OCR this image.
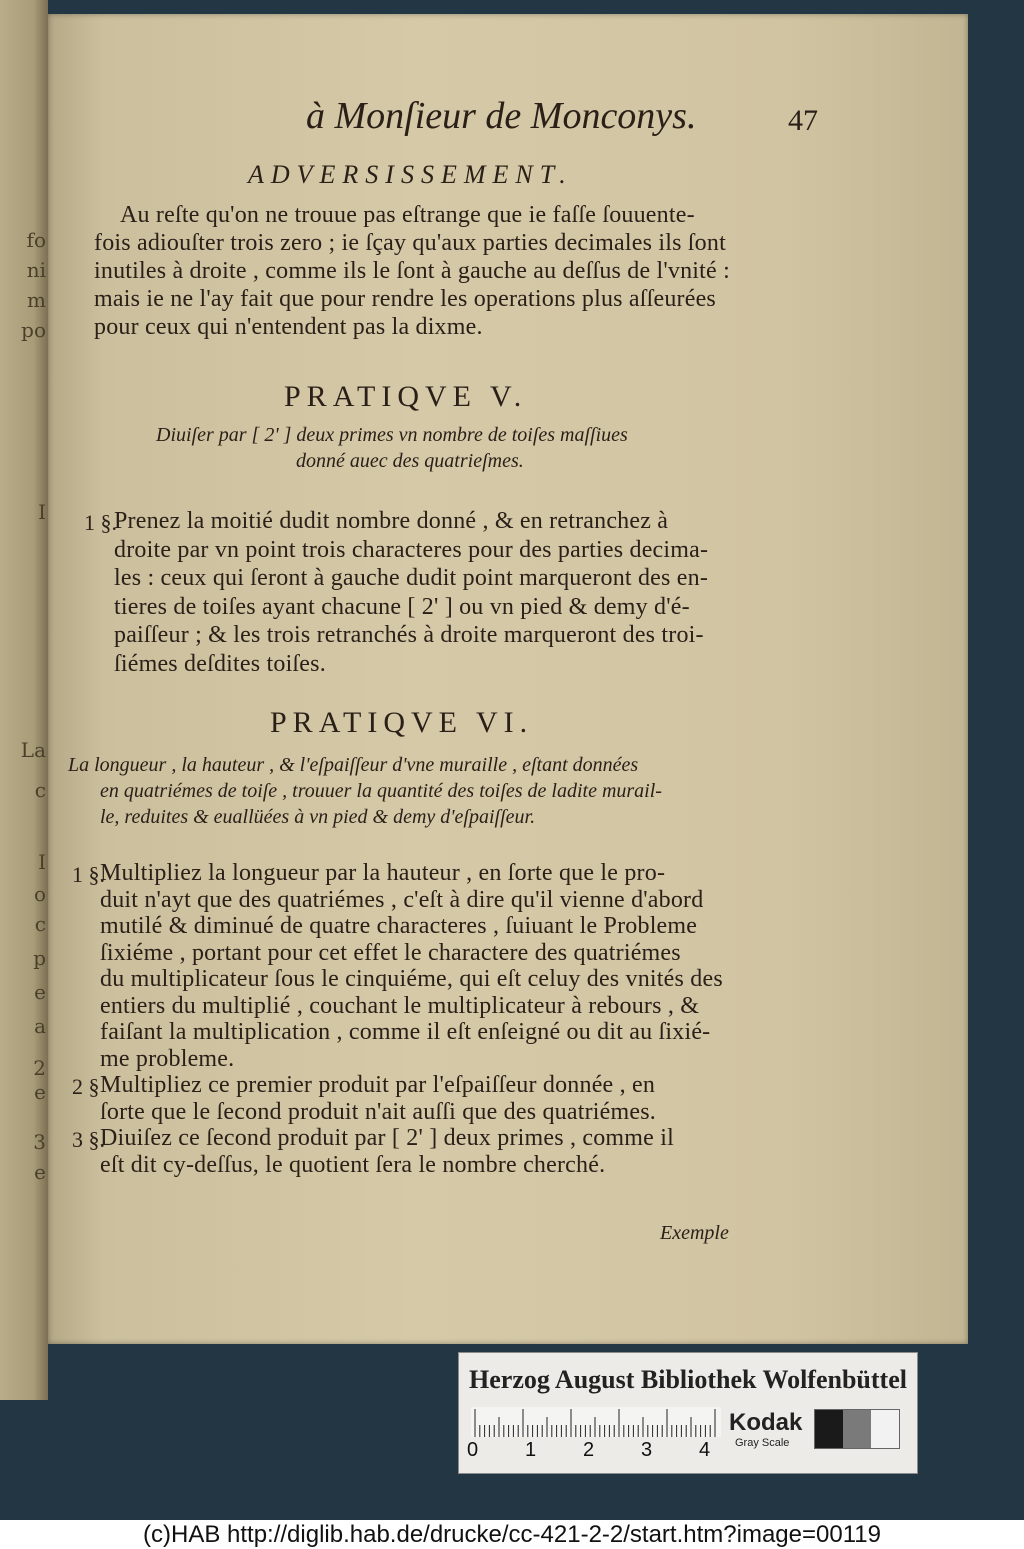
fo
ni
m
po
I
La
c
I
o
c
p
e
a
2
e
3
e
à Monſieur de Monconys.	47
ADVERSISSEMENT.
Au reſte qu'on ne trouue pas eſtrange que ie faſſe ſouuente-
fois adiouſter trois zero ; ie ſçay qu'aux parties decimales ils ſont
inutiles à droite , comme ils le ſont à gauche au deſſus de l'vnité :
mais ie ne l'ay fait que pour rendre les operations plus aſſeurées
pour ceux qui n'entendent pas la dixme.
PRATIQVE V.
Diuiſer par [ 2' ] deux primes vn nombre de toiſes maſſiues
donné auec des quatrieſmes.
1 §.
Prenez la moitié dudit nombre donné , & en retranchez à
droite par vn point trois characteres pour des parties decima-
les : ceux qui ſeront à gauche dudit point marqueront des en-
tieres de toiſes ayant chacune [ 2' ] ou vn pied & demy d'é-
paiſſeur ; & les trois retranchés à droite marqueront des troi-
ſiémes deſdites toiſes.
PRATIQVE VI.
La longueur , la hauteur , & l'eſpaiſſeur d'vne muraille , eſtant données
en quatriémes de toiſe , trouuer la quantité des toiſes de ladite murail-
le, reduites & euallüées à vn pied & demy d'eſpaiſſeur.
1 §.
Multipliez la longueur par la hauteur , en ſorte que le pro-
duit n'ayt que des quatriémes , c'eſt à dire qu'il vienne d'abord
mutilé & diminué de quatre characteres , ſuiuant le Probleme
ſixiéme , portant pour cet effet le charactere des quatriémes
du multiplicateur ſous le cinquiéme, qui eſt celuy des vnités des
entiers du multiplié , couchant le multiplicateur à rebours , &
faiſant la multiplication , comme il eſt enſeigné ou dit au ſixié-
me probleme.
2 § Multipliez ce premier produit par l'eſpaiſſeur donnée , en
ſorte que le ſecond produit n'ait auſſi que des quatriémes.
3 §.
Diuiſez ce ſecond produit par [ 2' ] deux primes , comme il
eſt dit cy-deſſus, le quotient ſera le nombre cherché.
Exemple
Herzog August Bibliothek Wolfenbüttel
0 1 2 3 4
Kodak
Gray Scale
(c)HAB http://diglib.hab.de/drucke/cc-421-2-2/start.htm?image=00119
